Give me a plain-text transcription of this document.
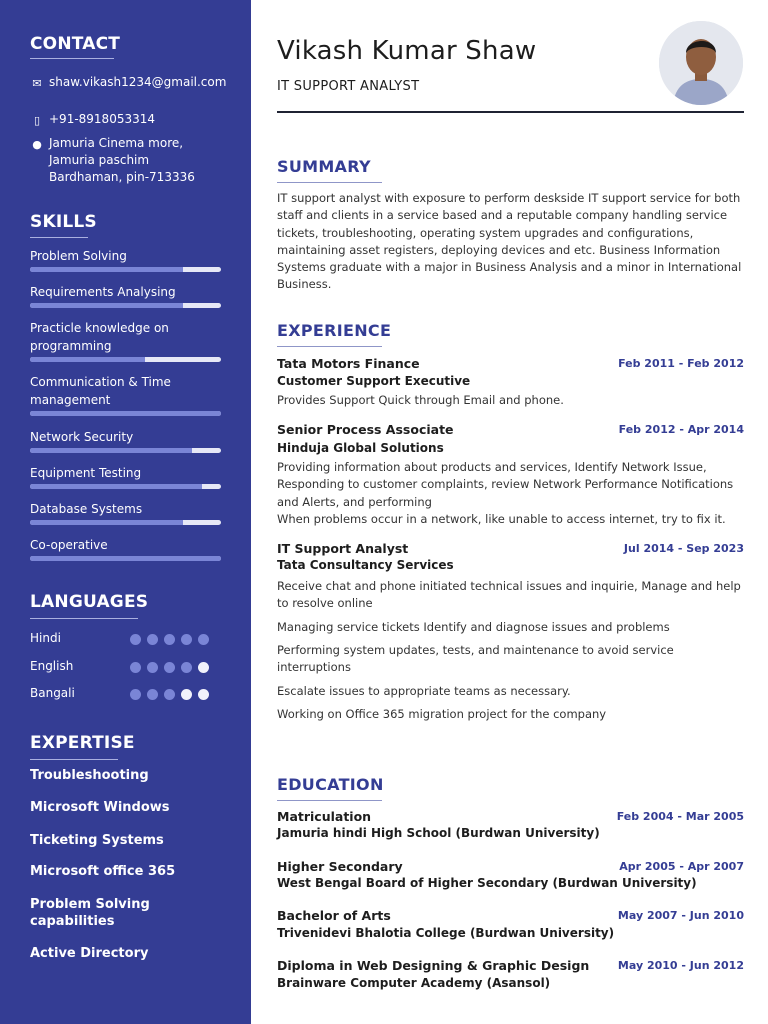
CONTACT
✉ shaw.vikash1234@gmail.com
▯ +91-8918053314
● Jamuria Cinema more, Jamuria paschim Bardhaman, pin-713336
SKILLS
Problem Solving
Requirements Analysing
Practicle knowledge on programming
Communication & Time management
Network Security
Equipment Testing
Database Systems
Co-operative
LANGUAGES
Hindi
English
Bangali
EXPERTISE
Troubleshooting
Microsoft Windows
Ticketing Systems
Microsoft office 365
Problem Solving capabilities
Active Directory
Vikash Kumar Shaw
IT SUPPORT ANALYST
SUMMARY
IT support analyst with exposure to perform deskside IT support service for both staff and clients in a service based and a reputable company handling service tickets, troubleshooting, operating system upgrades and configurations, maintaining asset registers, deploying devices and etc. Business Information Systems graduate with a major in Business Analysis and a minor in International Business.
EXPERIENCE
Tata Motors Finance	Feb 2011 - Feb 2012
Customer Support Executive
Provides Support Quick through Email and phone.
Senior Process Associate	Feb 2012 - Apr 2014
Hinduja Global Solutions
Providing information about products and services, Identify Network Issue, Responding to customer complaints, review Network Performance Notifications and Alerts, and performing
When problems occur in a network, like unable to access internet, try to fix it.
IT Support Analyst	Jul 2014 - Sep 2023
Tata Consultancy Services
Receive chat and phone initiated technical issues and inquirie, Manage and help to resolve online
Managing service tickets Identify and diagnose issues and problems
Performing system updates, tests, and maintenance to avoid service interruptions
Escalate issues to appropriate teams as necessary.
Working on Office 365 migration project for the company
EDUCATION
Matriculation	Feb 2004 - Mar 2005
Jamuria hindi High School (Burdwan University)
Higher Secondary	Apr 2005 - Apr 2007
West Bengal Board of Higher Secondary (Burdwan University)
Bachelor of Arts	May 2007 - Jun 2010
Trivenidevi Bhalotia College (Burdwan University)
Diploma in Web Designing & Graphic Design	May 2010 - Jun 2012
Brainware Computer Academy (Asansol)
